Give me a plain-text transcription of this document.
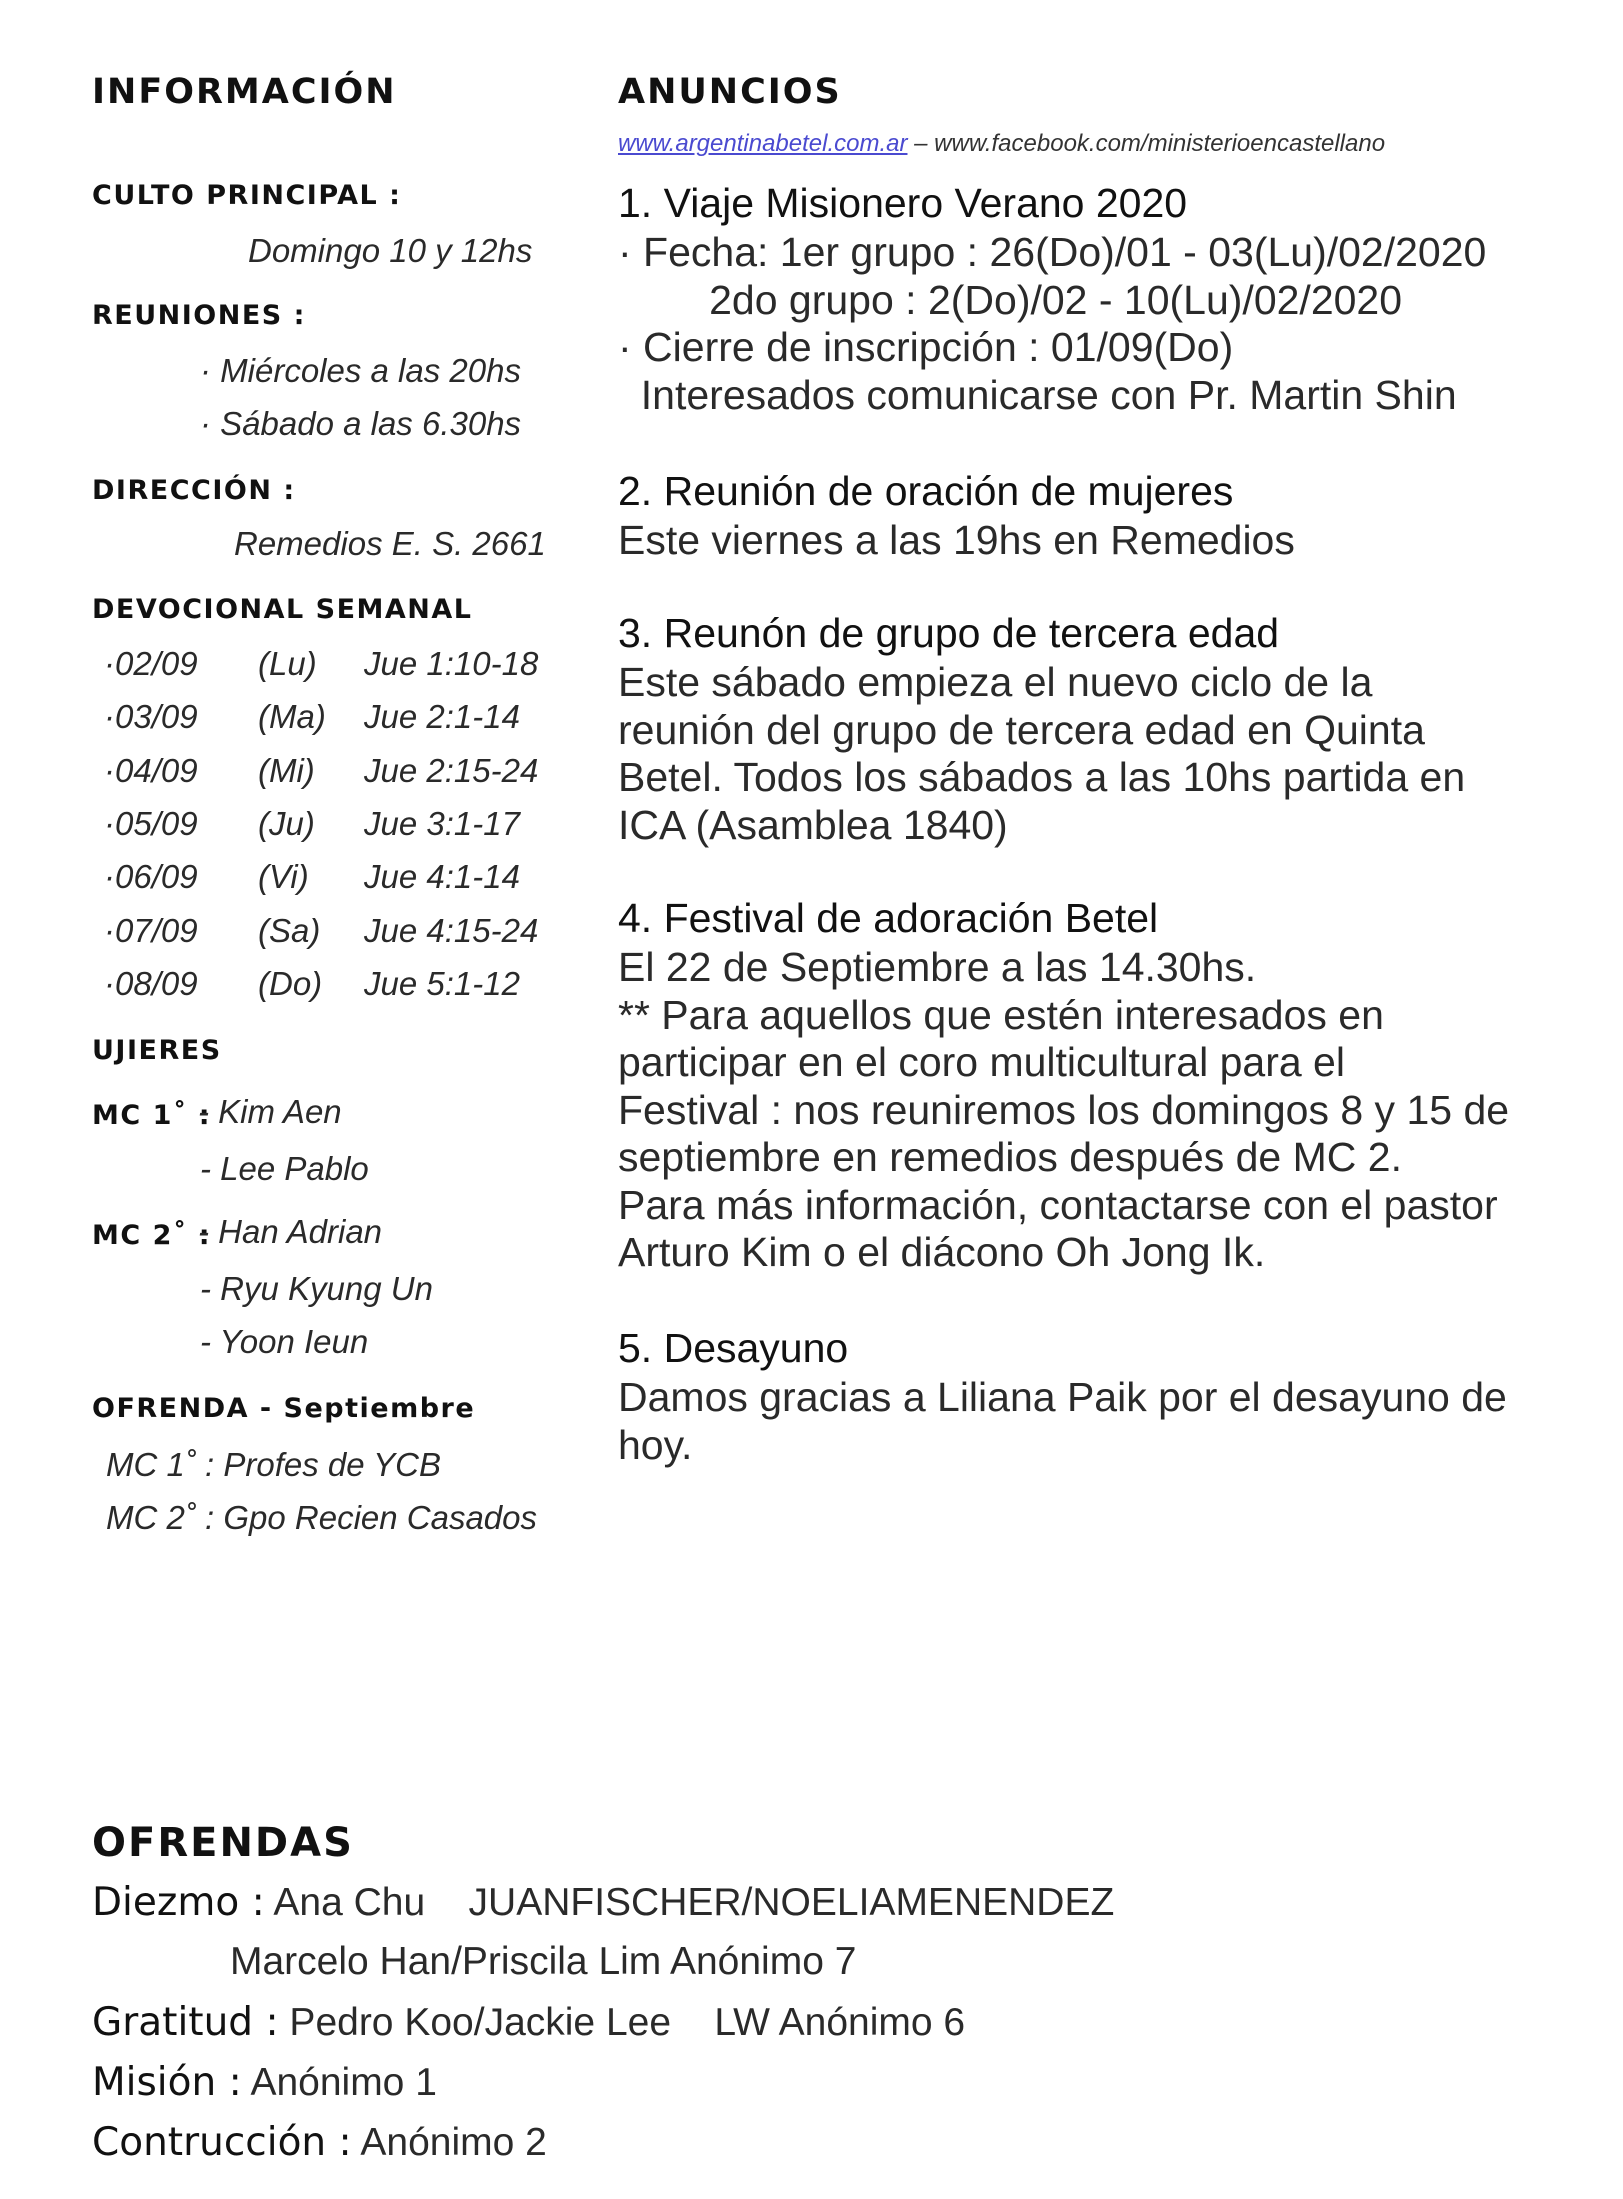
INFORMACIÓN
CULTO PRINCIPAL :
Domingo 10 y 12hs
REUNIONES :
· Miércoles a las 20hs
· Sábado a las 6.30hs
DIRECCIÓN :
Remedios E. S. 2661
DEVOCIONAL SEMANAL
·02/09 (Lu) Jue 1:10-18
·03/09 (Ma) Jue 2:1-14
·04/09 (Mi) Jue 2:15-24
·05/09 (Ju) Jue 3:1-17
·06/09 (Vi) Jue 4:1-14
·07/09 (Sa) Jue 4:15-24
·08/09 (Do) Jue 5:1-12
UJIERES
MC 1˚ :
- Kim Aen
- Lee Pablo
MC 2˚ :
- Han Adrian
- Ryu Kyung Un
- Yoon Ieun
OFRENDA - Septiembre
MC 1˚ : Profes de YCB
MC 2˚ : Gpo Recien Casados
ANUNCIOS
www.argentinabetel.com.ar – www.facebook.com/ministerioencastellano
1. Viaje Misionero Verano 2020
· Fecha: 1er grupo : 26(Do)/01 - 03(Lu)/02/2020
2do grupo : 2(Do)/02 - 10(Lu)/02/2020
· Cierre de inscripción : 01/09(Do)
Interesados comunicarse con Pr. Martin Shin
2. Reunión de oración de mujeres
Este viernes a las 19hs en Remedios
3. Reunón de grupo de tercera edad
Este sábado empieza el nuevo ciclo de la
reunión del grupo de tercera edad en Quinta
Betel. Todos los sábados a las 10hs partida en
ICA (Asamblea 1840)
4. Festival de adoración Betel
El 22 de Septiembre a las 14.30hs.
** Para aquellos que estén interesados en
participar en el coro multicultural para el
Festival : nos reuniremos los domingos 8 y 15 de
septiembre en remedios después de MC 2.
Para más información, contactarse con el pastor
Arturo Kim o el diácono Oh Jong Ik.
5. Desayuno
Damos gracias a Liliana Paik por el desayuno de
hoy.
OFRENDAS
Diezmo : Ana Chu    JUANFISCHER/NOELIAMENENDEZ
Marcelo Han/Priscila Lim Anónimo 7
Gratitud : Pedro Koo/Jackie Lee    LW Anónimo 6
Misión : Anónimo 1
Contrucción : Anónimo 2
